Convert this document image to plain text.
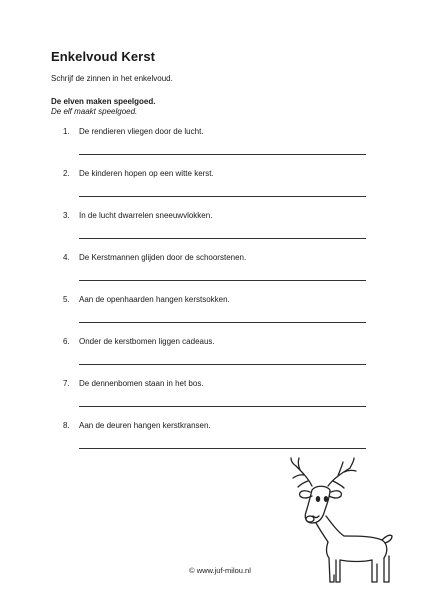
Enkelvoud Kerst
Schrijf de zinnen in het enkelvoud.
De elven maken speelgoed.
De elf maakt speelgoed.
1. De rendieren vliegen door de lucht.
2. De kinderen hopen op een witte kerst.
3. In de lucht dwarrelen sneeuwvlokken.
4. De Kerstmannen glijden door de schoorstenen.
5. Aan de openhaarden hangen kerstsokken.
6. Onder de kerstbomen liggen cadeaus.
7. De dennenbomen staan in het bos.
8. Aan de deuren hangen kerstkransen.
© www.juf-milou.nl
